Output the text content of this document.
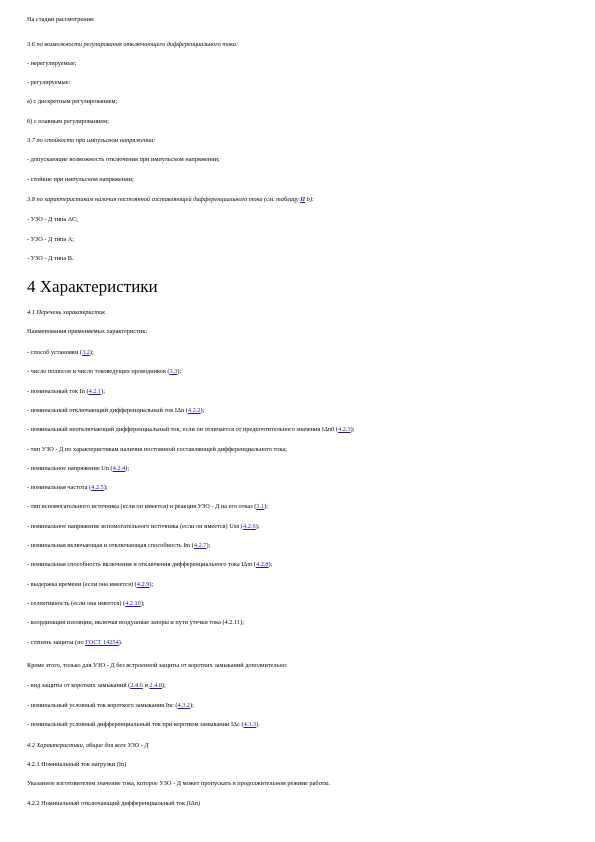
На стадии рассмотрения:
3.6 по возможности регулирования отключающего дифференциального тока:
- нерегулируемые;
- регулируемые:
а) с дискретным регулированием;
б) с плавным регулированием;
3.7 по стойкости при импульсном напряжении:
- допускающие возможность отключения при импульсном напряжении;
- стойкие при импульсном напряжении;
3.8 по характеристикам наличия постоянной составляющей дифференциального тока (см. таблицу II b):
- УЗО - Д типа АС;
- УЗО - Д типа А;
- УЗО - Д типа В.
4 Характеристики
4.1 Перечень характеристик
Наименования применяемых характеристик:
- способ установки (3.2);
- число полюсов и число токоведущих проводников (3.3);
- номинальный ток In (4.2.1);
- номинальный отключающий дифференциальный ток IΔn (4.2.2);
- номинальный неотключающий дифференциальный ток, если он отличается от предпочтительного значения IΔn0 (4.2.3);
- тип УЗО - Д по характеристикам наличия постоянной составляющей дифференциального тока;
- номинальное напряжение Un (4.2.4);
- номинальная частота (4.2.5);
- тип вспомогательного источника (если он имеется) и реакция УЗО - Д на его отказ (3.1);
- номинальное напряжение вспомогательного источника (если он имеется) Usn (4.2.6);
- номинальная включающая и отключающая способность Im (4.2.7);
- номинальная способность включения и отключения дифференциального тока IΔm (4.2.8);
- выдержка времени (если она имеется) (4.2.9);
- селективность (если она имеется) (4.2.10);
- координация изоляции, включая воздушные зазоры и пути утечки тока (4.2.11);
- степень защиты (по ГОСТ 14254).
Кроме этого, только для УЗО - Д без встроенной защиты от коротких замыканий дополнительно:
- вид защиты от коротких замыканий (2.4.6 и 2.4.8);
- номинальный условный ток короткого замыкания Inc (4.3.2);
- номинальный условный дифференциальный ток при коротком замыкании IΔc (4.3.3).
4.2 Характеристики, общие для всех УЗО - Д
4.2.1 Номинальный ток нагрузки (In)
Указанное изготовителем значение тока, которое УЗО - Д может пропускать в продолжительном режиме работы.
4.2.2 Номинальный отключающий дифференциальный ток (IΔn)
